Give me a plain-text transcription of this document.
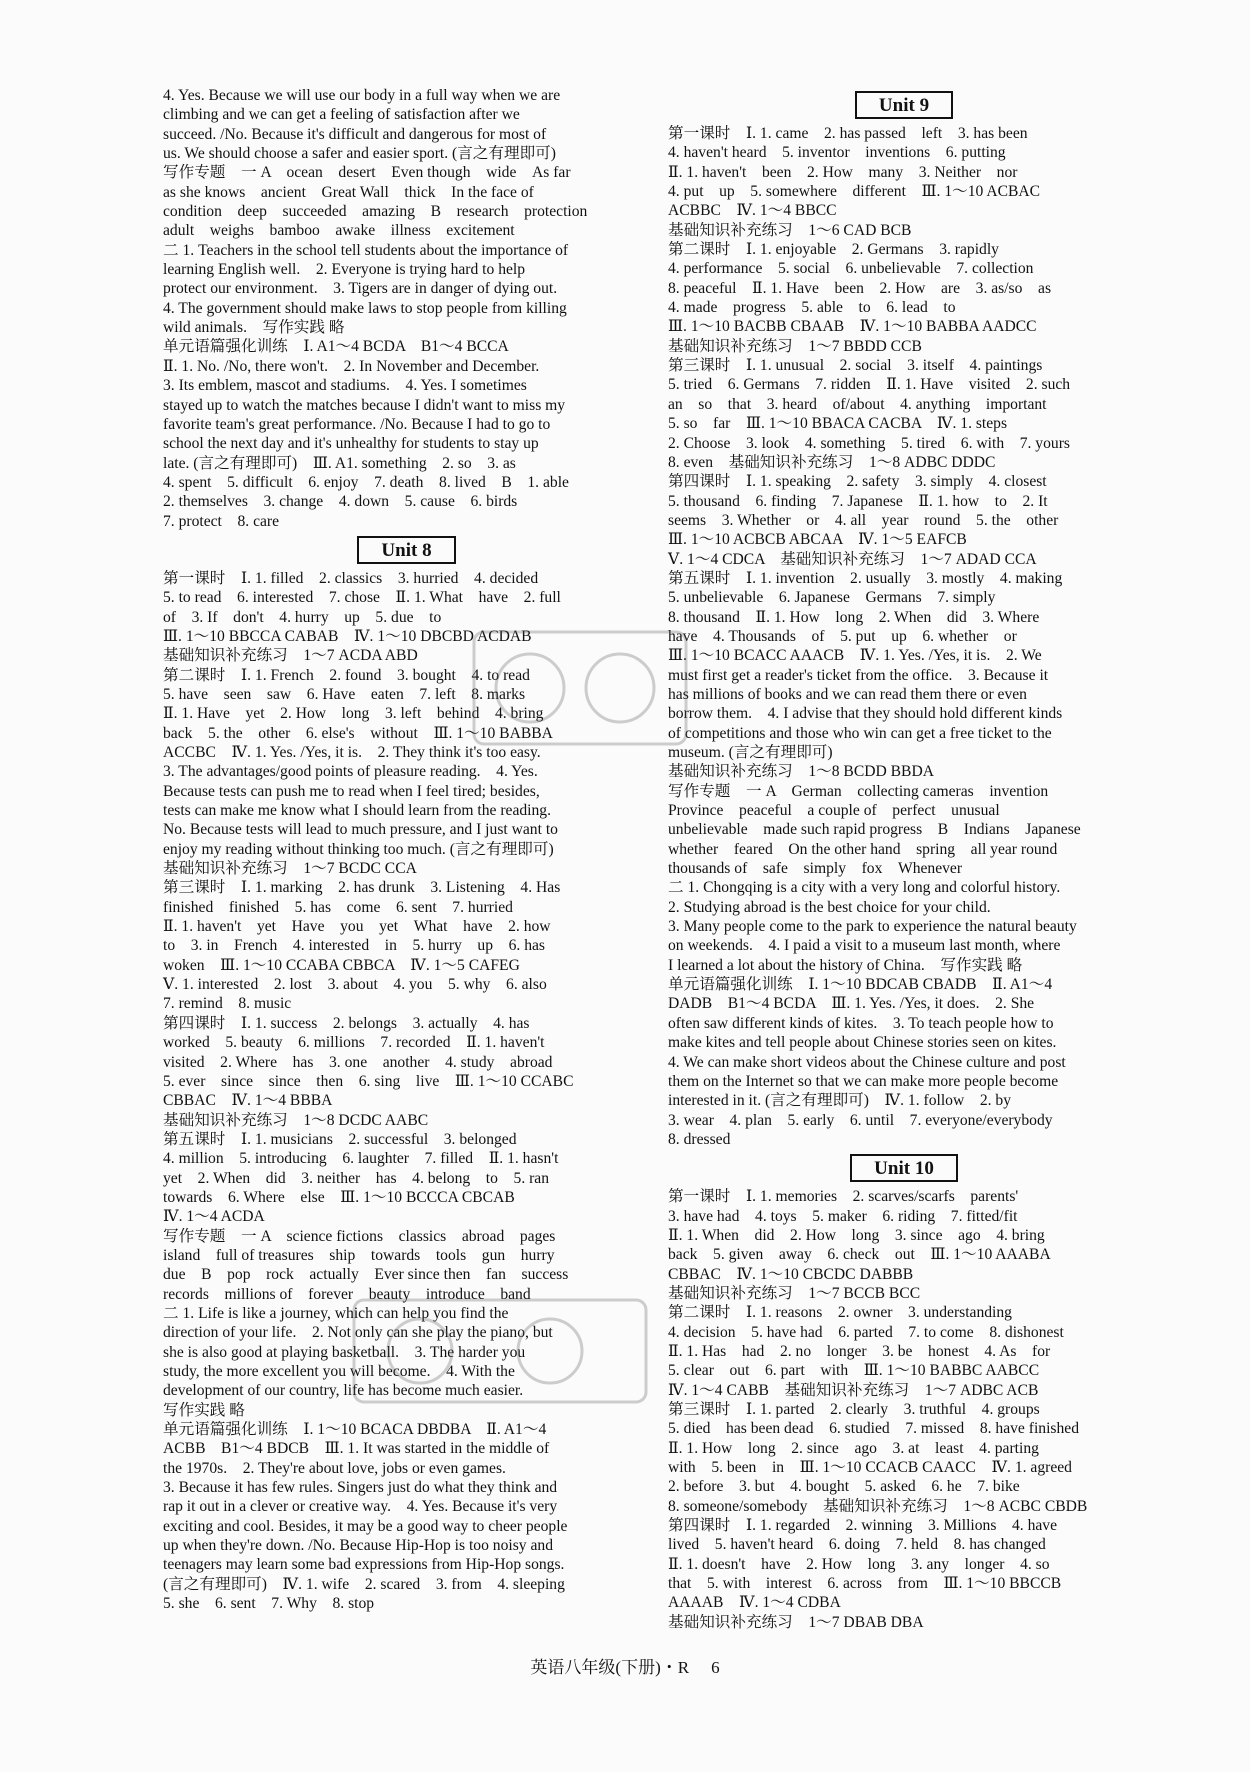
4. Yes. Because we will use our body in a full way when we are

climbing and we can get a feeling of satisfaction after we

succeed. /No. Because it's difficult and dangerous for most of

us. We should choose a safer and easier sport. (言之有理即可)

写作专题　一 A　ocean　desert　Even though　wide　As far

as she knows　ancient　Great Wall　thick　In the face of

condition　deep　succeeded　amazing　B　research　protection

adult　weighs　bamboo　awake　illness　excitement

二 1. Teachers in the school tell students about the importance of

learning English well.　2. Everyone is trying hard to help

protect our environment.　3. Tigers are in danger of dying out.

4. The government should make laws to stop people from killing

wild animals.　写作实践 略

单元语篇强化训练　Ⅰ. A1～4 BCDA　B1～4 BCCA

Ⅱ. 1. No. /No, there won't.　2. In November and December.

3. Its emblem, mascot and stadiums.　4. Yes. I sometimes

stayed up to watch the matches because I didn't want to miss my

favorite team's great performance. /No. Because I had to go to

school the next day and it's unhealthy for students to stay up

late. (言之有理即可)　Ⅲ. A1. something　2. so　3. as

4. spent　5. difficult　6. enjoy　7. death　8. lived　B　1. able

2. themselves　3. change　4. down　5. cause　6. birds

7. protect　8. care

Unit 8

第一课时　Ⅰ. 1. filled　2. classics　3. hurried　4. decided

5. to read　6. interested　7. chose　Ⅱ. 1. What　have　2. full

of　3. If　don't　4. hurry　up　5. due　to

Ⅲ. 1～10 BBCCA CABAB　Ⅳ. 1～10 DBCBD ACDAB

基础知识补充练习　1～7 ACDA ABD

第二课时　Ⅰ. 1. French　2. found　3. bought　4. to read

5. have　seen　saw　6. Have　eaten　7. left　8. marks

Ⅱ. 1. Have　yet　2. How　long　3. left　behind　4. bring

back　5. the　other　6. else's　without　Ⅲ. 1～10 BABBA

ACCBC　Ⅳ. 1. Yes. /Yes, it is.　2. They think it's too easy.

3. The advantages/good points of pleasure reading.　4. Yes.

Because tests can push me to read when I feel tired; besides,

tests can make me know what I should learn from the reading.

No. Because tests will lead to much pressure, and I just want to

enjoy my reading without thinking too much. (言之有理即可)

基础知识补充练习　1～7 BCDC CCA

第三课时　Ⅰ. 1. marking　2. has drunk　3. Listening　4. Has

finished　finished　5. has　come　6. sent　7. hurried

Ⅱ. 1. haven't　yet　Have　you　yet　What　have　2. how

to　3. in　French　4. interested　in　5. hurry　up　6. has

woken　Ⅲ. 1～10 CCABA CBBCA　Ⅳ. 1～5 CAFEG

Ⅴ. 1. interested　2. lost　3. about　4. you　5. why　6. also

7. remind　8. music

第四课时　Ⅰ. 1. success　2. belongs　3. actually　4. has

worked　5. beauty　6. millions　7. recorded　Ⅱ. 1. haven't

visited　2. Where　has　3. one　another　4. study　abroad

5. ever　since　since　then　6. sing　live　Ⅲ. 1～10 CCABC

CBBAC　Ⅳ. 1～4 BBBA

基础知识补充练习　1～8 DCDC AABC

第五课时　Ⅰ. 1. musicians　2. successful　3. belonged

4. million　5. introducing　6. laughter　7. filled　Ⅱ. 1. hasn't

yet　2. When　did　3. neither　has　4. belong　to　5. ran

towards　6. Where　else　Ⅲ. 1～10 BCCCA CBCAB

Ⅳ. 1～4 ACDA

写作专题　一 A　science fictions　classics　abroad　pages

island　full of treasures　ship　towards　tools　gun　hurry

due　B　pop　rock　actually　Ever since then　fan　success

records　millions of　forever　beauty　introduce　band

二 1. Life is like a journey, which can help you find the

direction of your life.　2. Not only can she play the piano, but

she is also good at playing basketball.　3. The harder you

study, the more excellent you will become.　4. With the

development of our country, life has become much easier.

写作实践 略

单元语篇强化训练　Ⅰ. 1～10 BCACA DBDBA　Ⅱ. A1～4

ACBB　B1～4 BDCB　Ⅲ. 1. It was started in the middle of

the 1970s.　2. They're about love, jobs or even games.

3. Because it has few rules. Singers just do what they think and

rap it out in a clever or creative way.　4. Yes. Because it's very

exciting and cool. Besides, it may be a good way to cheer people

up when they're down. /No. Because Hip-Hop is too noisy and

teenagers may learn some bad expressions from Hip-Hop songs.

(言之有理即可)　Ⅳ. 1. wife　2. scared　3. from　4. sleeping

5. she　6. sent　7. Why　8. stop

Unit 9

第一课时　Ⅰ. 1. came　2. has passed　left　3. has been

4. haven't heard　5. inventor　inventions　6. putting

Ⅱ. 1. haven't　been　2. How　many　3. Neither　nor

4. put　up　5. somewhere　different　Ⅲ. 1～10 ACBAC

ACBBC　Ⅳ. 1～4 BBCC

基础知识补充练习　1～6 CAD BCB

第二课时　Ⅰ. 1. enjoyable　2. Germans　3. rapidly

4. performance　5. social　6. unbelievable　7. collection

8. peaceful　Ⅱ. 1. Have　been　2. How　are　3. as/so　as

4. made　progress　5. able　to　6. lead　to

Ⅲ. 1～10 BACBB CBAAB　Ⅳ. 1～10 BABBA AADCC

基础知识补充练习　1～7 BBDD CCB

第三课时　Ⅰ. 1. unusual　2. social　3. itself　4. paintings

5. tried　6. Germans　7. ridden　Ⅱ. 1. Have　visited　2. such

an　so　that　3. heard　of/about　4. anything　important

5. so　far　Ⅲ. 1～10 BBACA CACBA　Ⅳ. 1. steps

2. Choose　3. look　4. something　5. tired　6. with　7. yours

8. even　基础知识补充练习　1～8 ADBC DDDC

第四课时　Ⅰ. 1. speaking　2. safety　3. simply　4. closest

5. thousand　6. finding　7. Japanese　Ⅱ. 1. how　to　2. It

seems　3. Whether　or　4. all　year　round　5. the　other

Ⅲ. 1～10 ACBCB ABCAA　Ⅳ. 1～5 EAFCB

Ⅴ. 1～4 CDCA　基础知识补充练习　1～7 ADAD CCA

第五课时　Ⅰ. 1. invention　2. usually　3. mostly　4. making

5. unbelievable　6. Japanese　Germans　7. simply

8. thousand　Ⅱ. 1. How　long　2. When　did　3. Where

have　4. Thousands　of　5. put　up　6. whether　or

Ⅲ. 1～10 BCACC AAACB　Ⅳ. 1. Yes. /Yes, it is.　2. We

must first get a reader's ticket from the office.　3. Because it

has millions of books and we can read them there or even

borrow them.　4. I advise that they should hold different kinds

of competitions and those who win can get a free ticket to the

museum. (言之有理即可)

基础知识补充练习　1～8 BCDD BBDA

写作专题　一 A　German　collecting cameras　invention

Province　peaceful　a couple of　perfect　unusual

unbelievable　made such rapid progress　B　Indians　Japanese

whether　feared　On the other hand　spring　all year round

thousands of　safe　simply　fox　Whenever

二 1. Chongqing is a city with a very long and colorful history.

2. Studying abroad is the best choice for your child.

3. Many people come to the park to experience the natural beauty

on weekends.　4. I paid a visit to a museum last month, where

I learned a lot about the history of China.　写作实践 略

单元语篇强化训练　Ⅰ. 1～10 BDCAB CBADB　Ⅱ. A1～4

DADB　B1～4 BCDA　Ⅲ. 1. Yes. /Yes, it does.　2. She

often saw different kinds of kites.　3. To teach people how to

make kites and tell people about Chinese stories seen on kites.

4. We can make short videos about the Chinese culture and post

them on the Internet so that we can make more people become

interested in it. (言之有理即可)　Ⅳ. 1. follow　2. by

3. wear　4. plan　5. early　6. until　7. everyone/everybody

8. dressed

Unit 10

第一课时　Ⅰ. 1. memories　2. scarves/scarfs　parents'

3. have had　4. toys　5. maker　6. riding　7. fitted/fit

Ⅱ. 1. When　did　2. How　long　3. since　ago　4. bring

back　5. given　away　6. check　out　Ⅲ. 1～10 AAABA

CBBAC　Ⅳ. 1～10 CBCDC DABBB

基础知识补充练习　1～7 BCCB BCC

第二课时　Ⅰ. 1. reasons　2. owner　3. understanding

4. decision　5. have had　6. parted　7. to come　8. dishonest

Ⅱ. 1. Has　had　2. no　longer　3. be　honest　4. As　for

5. clear　out　6. part　with　Ⅲ. 1～10 BABBC AABCC

Ⅳ. 1～4 CABB　基础知识补充练习　1～7 ADBC ACB

第三课时　Ⅰ. 1. parted　2. clearly　3. truthful　4. groups

5. died　has been dead　6. studied　7. missed　8. have finished

Ⅱ. 1. How　long　2. since　ago　3. at　least　4. parting

with　5. been　in　Ⅲ. 1～10 CCACB CAACC　Ⅳ. 1. agreed

2. before　3. but　4. bought　5. asked　6. he　7. bike

8. someone/somebody　基础知识补充练习　1～8 ACBC CBDB

第四课时　Ⅰ. 1. regarded　2. winning　3. Millions　4. have

lived　5. haven't heard　6. doing　7. held　8. has changed

Ⅱ. 1. doesn't　have　2. How　long　3. any　longer　4. so

that　5. with　interest　6. across　from　Ⅲ. 1～10 BBCCB

AAAAB　Ⅳ. 1～4 CDBA

基础知识补充练习　1～7 DBAB DBA

英语八年级(下册)・R 6
